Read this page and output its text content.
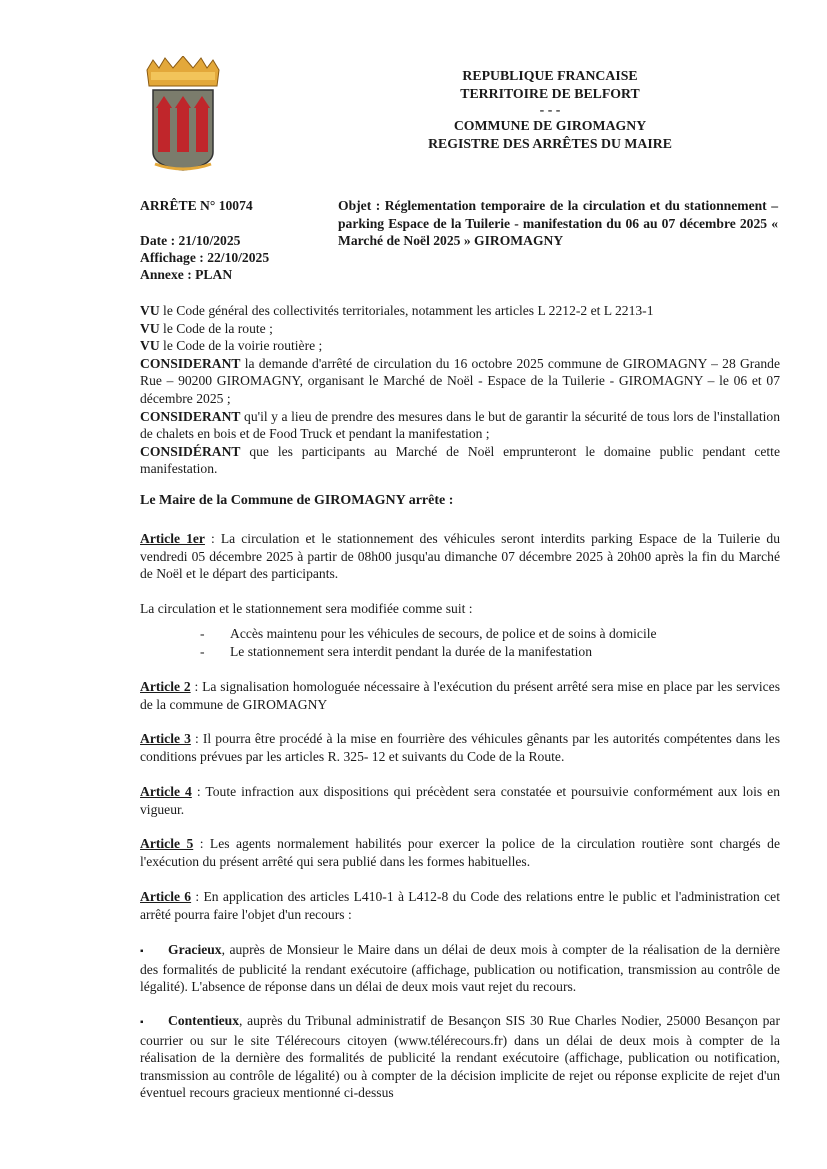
REPUBLIQUE FRANCAISE
TERRITOIRE DE BELFORT
- - -
COMMUNE DE GIROMAGNY
REGISTRE DES ARRÊTES DU MAIRE
ARRÊTE N° 10074
Date : 21/10/2025
Affichage : 22/10/2025
Annexe : PLAN
Objet : Réglementation temporaire de la circulation et du stationnement – parking Espace de la Tuilerie - manifestation du 06 au 07 décembre 2025 « Marché de Noël 2025 » GIROMAGNY

VU le Code général des collectivités territoriales, notamment les articles L 2212-2 et L 2213-1

VU le Code de la route ;

VU le Code de la voirie routière ;

CONSIDERANT la demande d'arrêté de circulation du 16 octobre 2025 commune de GIROMAGNY – 28 Grande Rue – 90200 GIROMAGNY, organisant le Marché de Noël - Espace de la Tuilerie - GIROMAGNY – le 06 et 07 décembre 2025 ;

CONSIDERANT qu'il y a lieu de prendre des mesures dans le but de garantir la sécurité de tous lors de l'installation de chalets en bois et de Food Truck et pendant la manifestation ;

CONSIDÉRANT que les participants au Marché de Noël emprunteront le domaine public pendant cette manifestation.

Le Maire de la Commune de GIROMAGNY arrête :
Article 1er : La circulation et le stationnement des véhicules seront interdits parking Espace de la Tuilerie du vendredi 05 décembre 2025 à partir de 08h00 jusqu'au dimanche 07 décembre 2025 à 20h00 après la fin du Marché de Noël et le départ des participants.
La circulation et le stationnement sera modifiée comme suit :
- Accès maintenu pour les véhicules de secours, de police et de soins à domicile
- Le stationnement sera interdit pendant la durée de la manifestation
Article 2 : La signalisation homologuée nécessaire à l'exécution du présent arrêté sera mise en place par les services de la commune de GIROMAGNY
Article 3 : Il pourra être procédé à la mise en fourrière des véhicules gênants par les autorités compétentes dans les conditions prévues par les articles R. 325- 12 et suivants du Code de la Route.
Article 4 : Toute infraction aux dispositions qui précèdent sera constatée et poursuivie conformément aux lois en vigueur.
Article 5 : Les agents normalement habilités pour exercer la police de la circulation routière sont chargés de l'exécution du présent arrêté qui sera publié dans les formes habituelles.
Article 6 : En application des articles L410-1 à L412-8 du Code des relations entre le public et l'administration cet arrêté pourra faire l'objet d'un recours :
▪ Gracieux, auprès de Monsieur le Maire dans un délai de deux mois à compter de la réalisation de la dernière des formalités de publicité la rendant exécutoire (affichage, publication ou notification, transmission au contrôle de légalité). L'absence de réponse dans un délai de deux mois vaut rejet du recours.
▪ Contentieux, auprès du Tribunal administratif de Besançon SIS 30 Rue Charles Nodier, 25000 Besançon par courrier ou sur le site Télérecours citoyen (www.télérecours.fr) dans un délai de deux mois à compter de la réalisation de la dernière des formalités de publicité la rendant exécutoire (affichage, publication ou notification, transmission au contrôle de légalité) ou à compter de la décision implicite de rejet ou réponse explicite de rejet d'un éventuel recours gracieux mentionné ci-dessus
